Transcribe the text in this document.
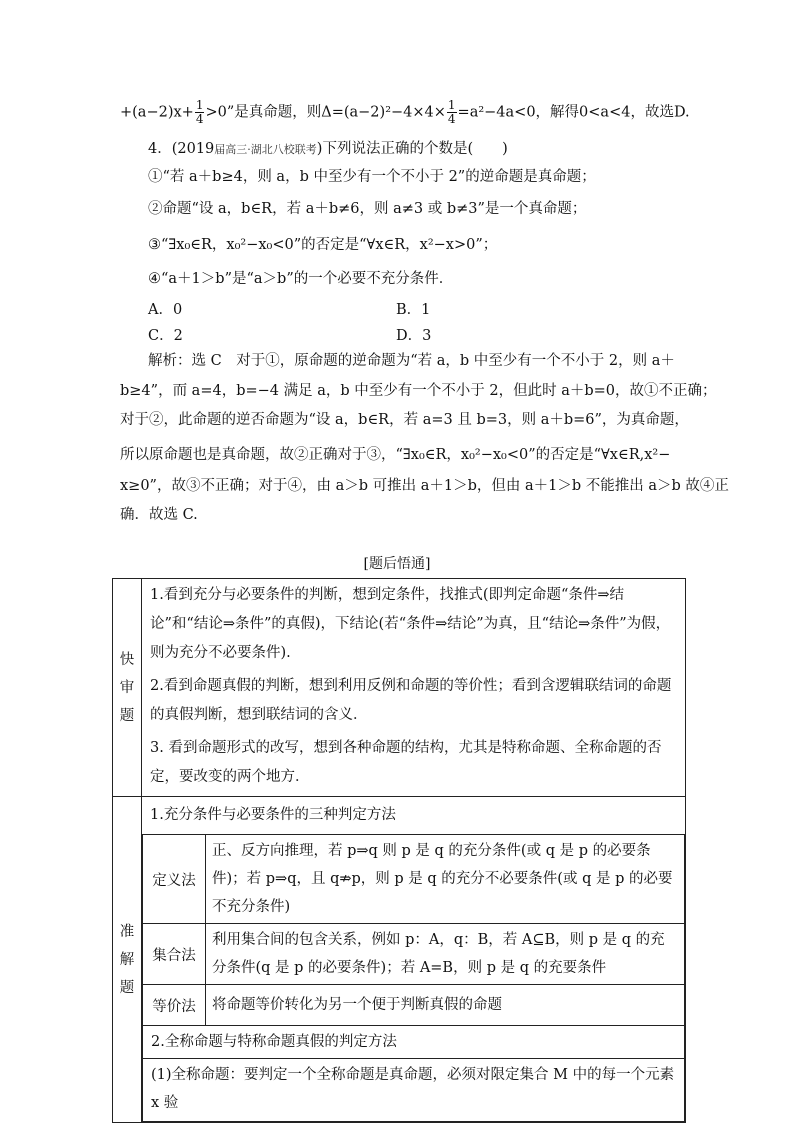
$+(a-2)x+ \frac{1}{4} >0$”是真命题，则$\Delta=(a-2)^2-4\times 4\times \frac{1}{4} =a^2-4a<0$，解得0<a<4，故选D.
4．(2019届高三·湖北八校联考)下列说法正确的个数是(　　)
①“若 a＋b≥4，则 a，b 中至少有一个不小于 2”的逆命题是真命题；
②命题“设 a，b∈R，若 a＋b≠6，则 a≠3 或 b≠3”是一个真命题；
③“∃x₀∈R，x₀²−x₀<0”的否定是“∀x∈R，x²−x>0”；
④“a＋1＞b”是“a＞b”的一个必要不充分条件．
A．0	B．1
C．2	D．3
解析：选 C　对于①，原命题的逆命题为“若 a，b 中至少有一个不小于 2，则 a＋
b≥4”，而 a=4，b=−4 满足 a，b 中至少有一个不小于 2，但此时 a＋b=0，故①不正确；
对于②，此命题的逆否命题为“设 a，b∈R，若 a=3 且 b=3，则 a＋b=6”，为真命题，
所以原命题也是真命题，故②正确对于③，“∃x₀∈R，x₀²−x₀<0”的否定是“∀x∈R,x²−
x≥0”，故③不正确；对于④，由 a＞b 可推出 a＋1＞b，但由 a＋1＞b 不能推出 a＞b 故④正
确．故选 C.
[题后悟通]
快
审
题

1.看到充分与必要条件的判断，想到定条件，找推式(即判定命题“条件⇒结论”和“结论⇒条件”的真假)，下结论(若“条件⇒结论”为真，且“结论⇒条件”为假，则为充分不必要条件).
2.看到命题真假的判断，想到利用反例和命题的等价性；看到含逻辑联结词的命题的真假判断，想到联结词的含义．
3. 看到命题形式的改写，想到各种命题的结构，尤其是特称命题、全称命题的否定，要改变的两个地方．

准
解
题

1.充分条件与必要条件的三种判定方法
定义法	正、反方向推理，若 p⇒q 则 p 是 q 的充分条件(或 q 是 p 的必要条件)；若 p⇒q，且 q⇏p，则 p 是 q 的充分不必要条件(或 q 是 p 的必要不充分条件)
集合法	利用集合间的包含关系，例如 p：A，q：B，若 A⊆B，则 p 是 q 的充分条件(q 是 p 的必要条件)；若 A=B，则 p 是 q 的充要条件
等价法	将命题等价转化为另一个便于判断真假的命题
2.全称命题与特称命题真假的判定方法
(1)全称命题：要判定一个全称命题是真命题，必须对限定集合 M 中的每一个元素 x 验
